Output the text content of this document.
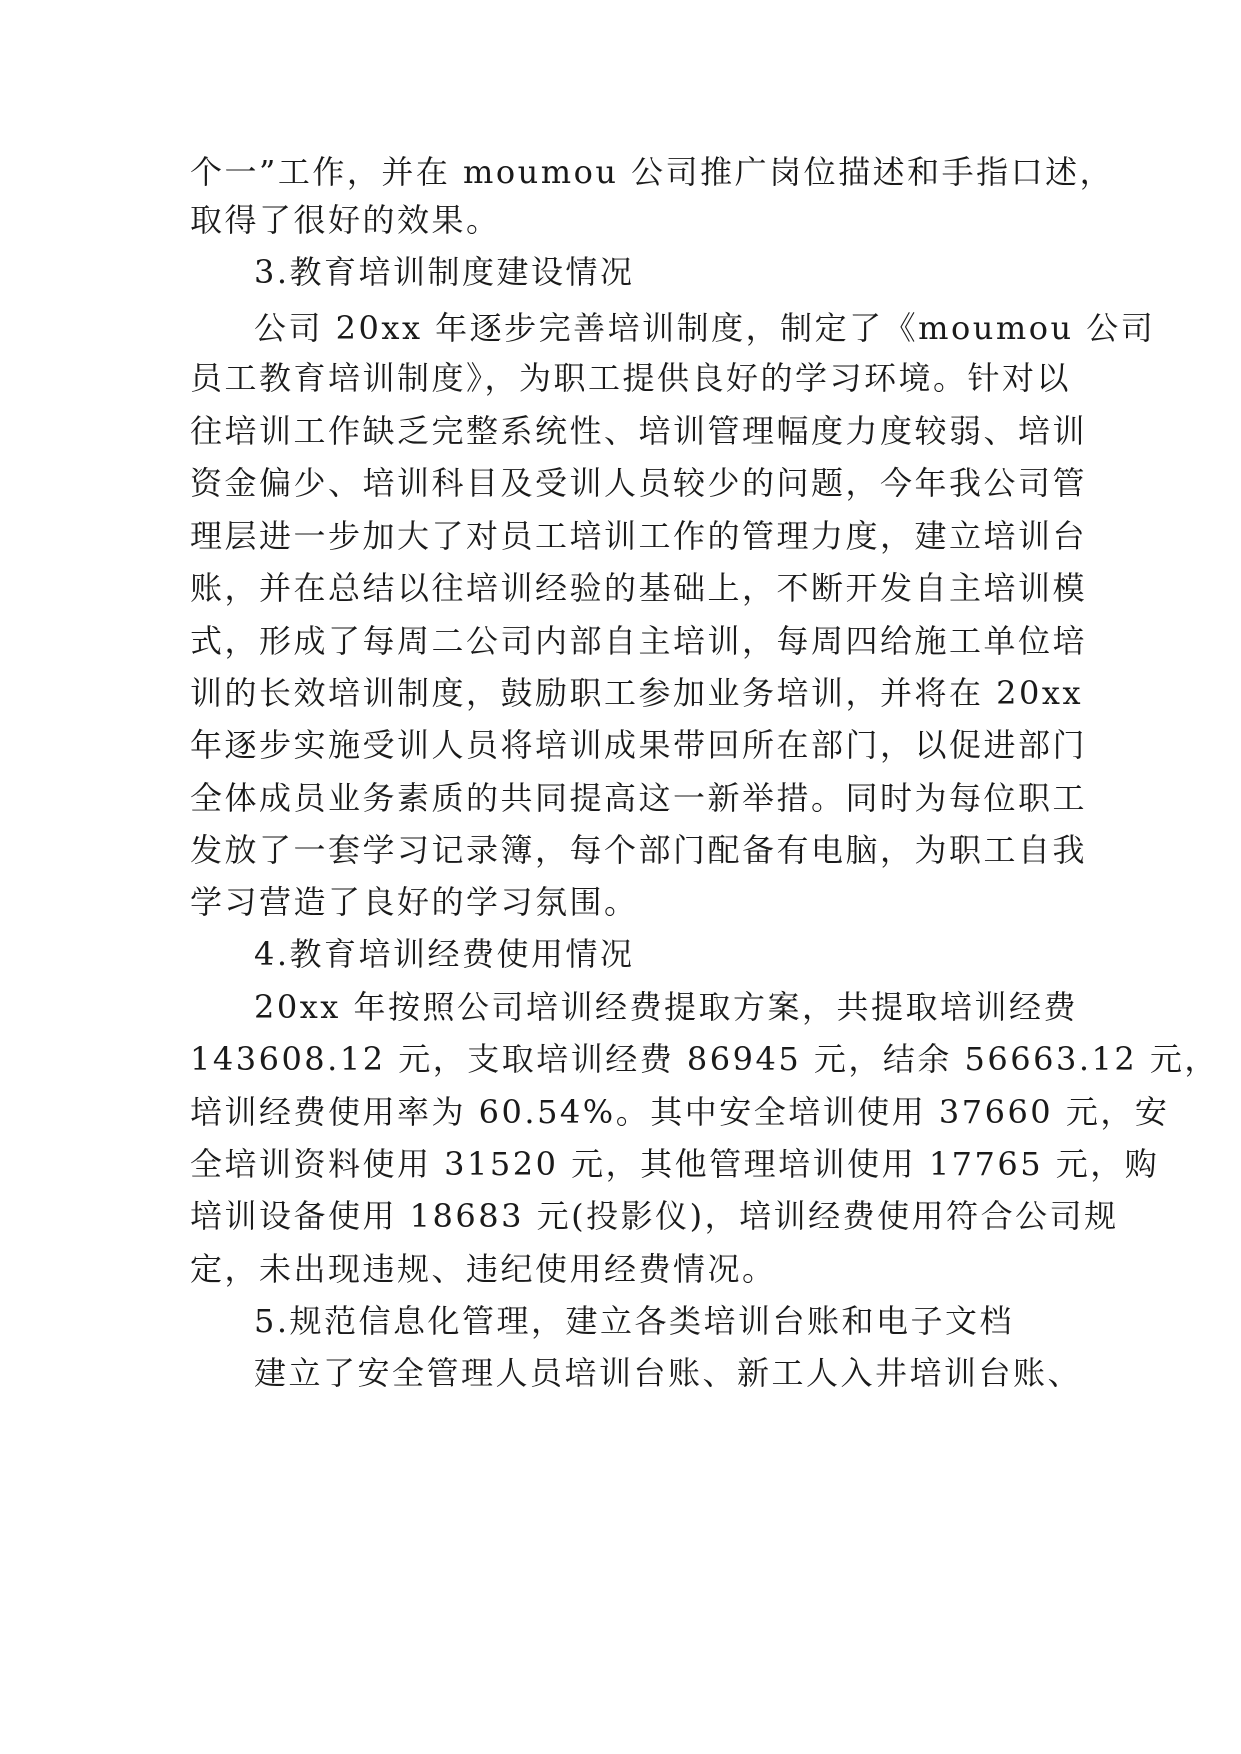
个一”工作，并在 moumou 公司推广岗位描述和手指口述，

取得了很好的效果。

3.教育培训制度建设情况

公司 20xx 年逐步完善培训制度，制定了《moumou 公司

员工教育培训制度》，为职工提供良好的学习环境。针对以

往培训工作缺乏完整系统性、培训管理幅度力度较弱、培训

资金偏少、培训科目及受训人员较少的问题，今年我公司管

理层进一步加大了对员工培训工作的管理力度，建立培训台

账，并在总结以往培训经验的基础上，不断开发自主培训模

式，形成了每周二公司内部自主培训，每周四给施工单位培

训的长效培训制度，鼓励职工参加业务培训，并将在 20xx

年逐步实施受训人员将培训成果带回所在部门，以促进部门

全体成员业务素质的共同提高这一新举措。同时为每位职工

发放了一套学习记录簿，每个部门配备有电脑，为职工自我

学习营造了良好的学习氛围。

4.教育培训经费使用情况

20xx 年按照公司培训经费提取方案，共提取培训经费

143608.12 元，支取培训经费 86945 元，结余 56663.12 元，

培训经费使用率为 60.54%。其中安全培训使用 37660 元，安

全培训资料使用 31520 元，其他管理培训使用 17765 元，购

培训设备使用 18683 元(投影仪)，培训经费使用符合公司规

定，未出现违规、违纪使用经费情况。

5.规范信息化管理，建立各类培训台账和电子文档

建立了安全管理人员培训台账、新工人入井培训台账、
